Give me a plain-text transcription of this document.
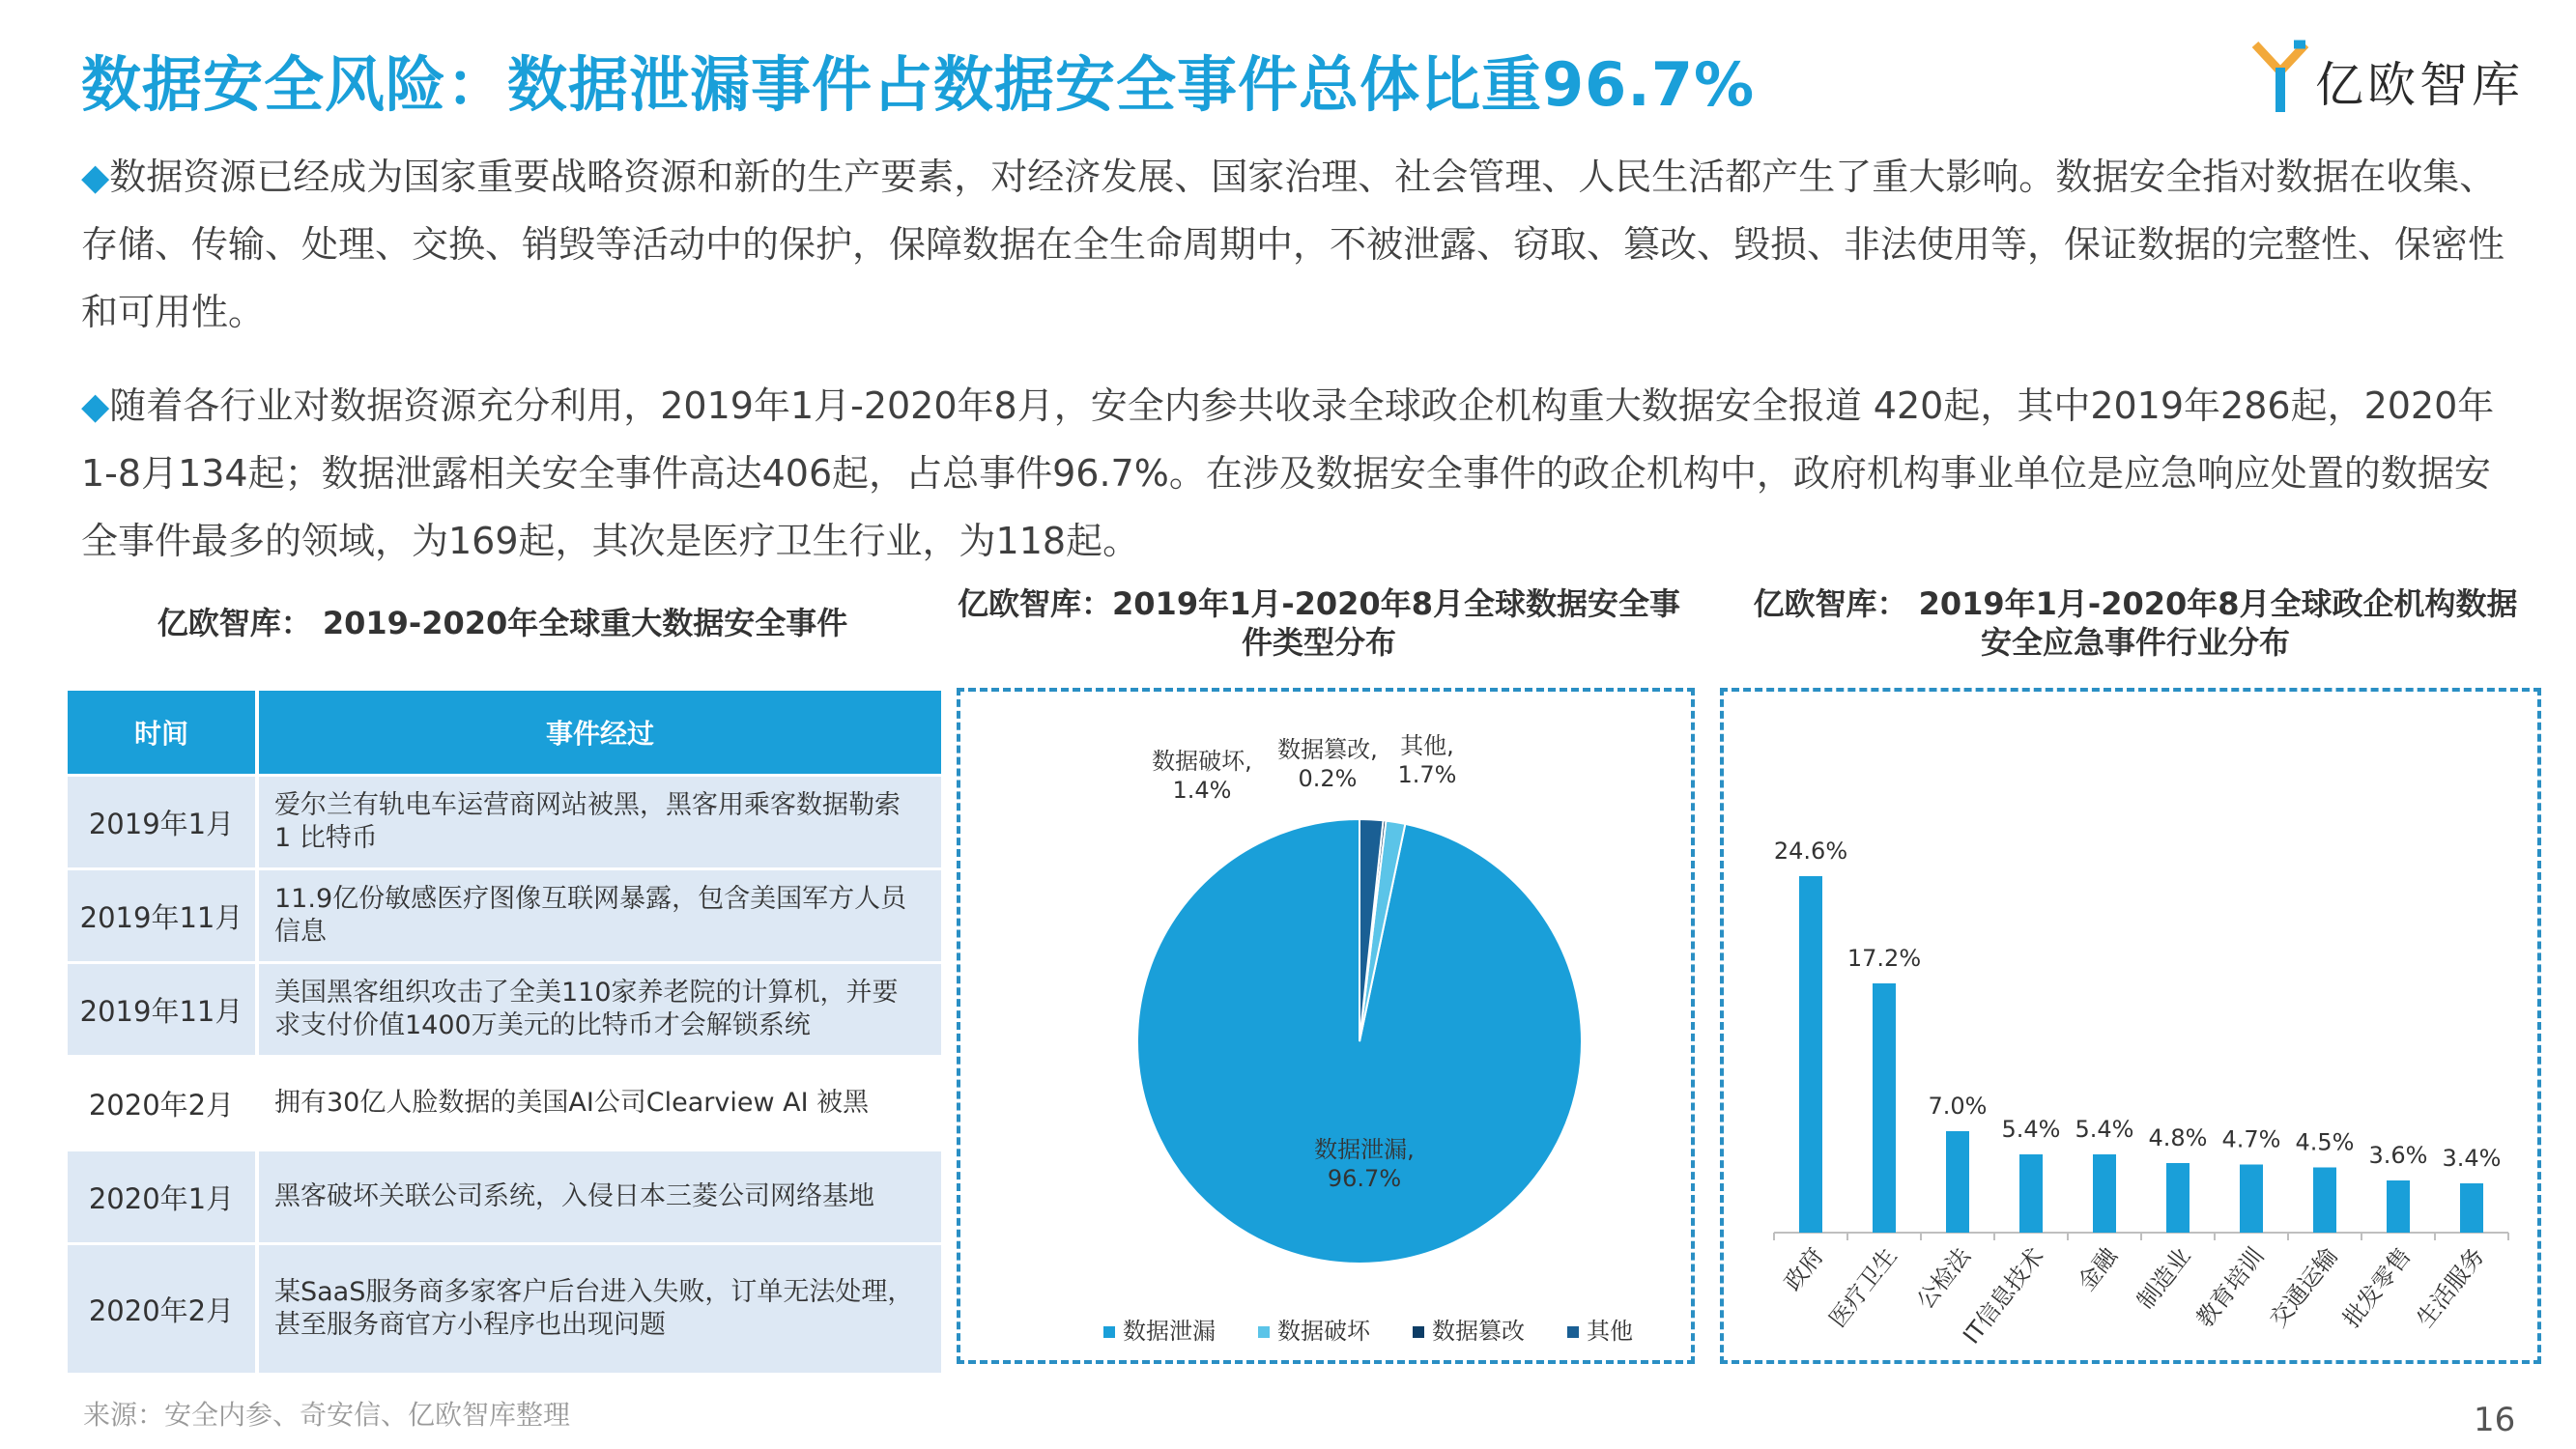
数据安全风险：数据泄漏事件占数据安全事件总体比重96.7%	亿欧智库
◆数据资源已经成为国家重要战略资源和新的生产要素，对经济发展、国家治理、社会管理、人民生活都产生了重大影响。数据安全指对数据在收集、存储、传输、处理、交换、销毁等活动中的保护，保障数据在全生命周期中，不被泄露、窃取、篡改、毁损、非法使用等，保证数据的完整性、保密性和可用性。
◆随着各行业对数据资源充分利用，2019年1月-2020年8月，安全内参共收录全球政企机构重大数据安全报道 420起，其中2019年286起，2020年1-8月134起；数据泄露相关安全事件高达406起，占总事件96.7%。在涉及数据安全事件的政企机构中，政府机构事业单位是应急响应处置的数据安全事件最多的领域，为169起，其次是医疗卫生行业，为118起。
亿欧智库： 2019-2020年全球重大数据安全事件
亿欧智库：2019年1月-2020年8月全球数据安全事件类型分布
亿欧智库： 2019年1月-2020年8月全球政企机构数据安全应急事件行业分布
时间	事件经过
2019年1月	爱尔兰有轨电车运营商网站被黑，黑客用乘客数据勒索 1 比特币
2019年11月	11.9亿份敏感医疗图像互联网暴露，包含美国军方人员信息
2019年11月	美国黑客组织攻击了全美110家养老院的计算机，并要求支付价值1400万美元的比特币才会解锁系统
2020年2月	拥有30亿人脸数据的美国AI公司Clearview AI 被黑
2020年1月	黑客破坏关联公司系统，入侵日本三菱公司网络基地
2020年2月	某SaaS服务商多家客户后台进入失败，订单无法处理，甚至服务商官方小程序也出现问题
数据泄漏,
96.7%
数据破坏,
1.4%
数据篡改,
0.2%
其他,
1.7%
数据泄漏	数据破坏	数据篡改	其他
24.6%
政府
17.2%
医疗卫生
7.0%
公检法
5.4%
IT信息技术
5.4%
金融
4.8%
制造业
4.7%
教育培训
4.5%
交通运输
3.6%
批发零售
3.4%
生活服务
来源：安全内参、奇安信、亿欧智库整理	16
